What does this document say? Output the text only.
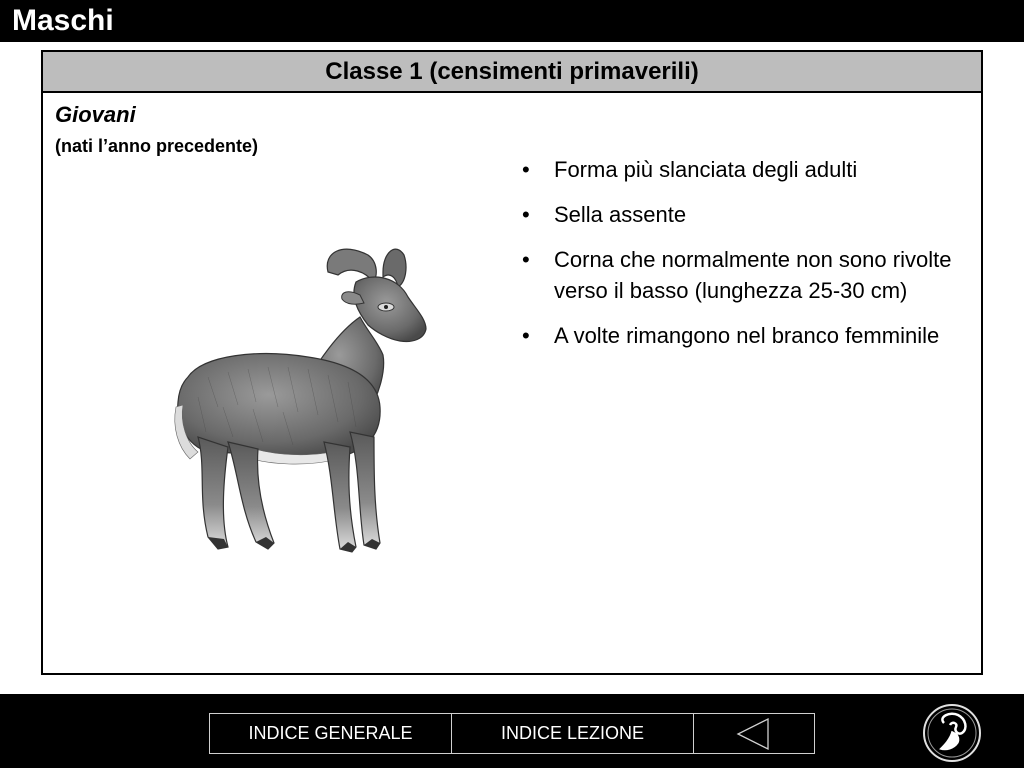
Maschi
Classe 1 (censimenti primaverili)
Giovani
(nati l’anno precedente)
• Forma più slanciata degli adulti
• Sella assente
• Corna che normalmente non sono rivolte verso il basso (lunghezza 25-30 cm)
• A volte rimangono nel branco femminile
INDICE GENERALE	INDICE LEZIONE
